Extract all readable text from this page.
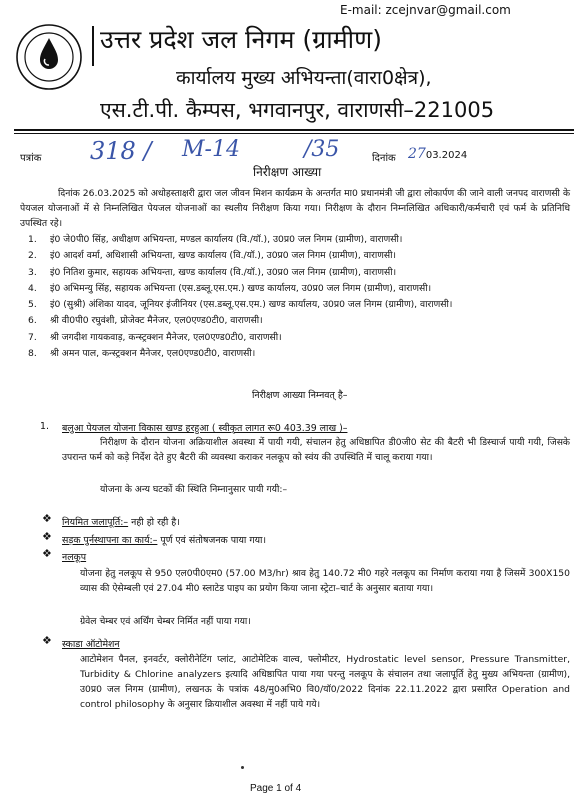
E-mail: zcejnvar@gmail.com
उत्तर प्रदेश जल निगम (ग्रामीण)
कार्यालय मुख्य अभियन्ता(वारा0क्षेत्र),
एस.टी.पी. कैम्पस, भगवानपुर, वाराणसी–221005
पत्रांक 318 / M-14	/35	दिनांक 2703.2024
निरीक्षण आख्या
दिनांक 26.03.2025 को अधोहस्ताक्षरी द्वारा जल जीवन मिशन कार्यक्रम के अन्तर्गत मा0 प्रधानमंत्री जी द्वारा लोकार्पण की जाने वाली जनपद वाराणसी के पेयजल योजनाओं में से निम्नलिखित पेयजल योजनाओं का स्थलीय निरीक्षण किया गया। निरीक्षण के दौरान निम्नलिखित अधिकारी/कर्मचारी एवं फर्म के प्रतिनिधि उपस्थित रहे।
1. इं0 जे0पी0 सिंह, अधीक्षण अभियन्ता, मण्डल कार्यालय (वि./यॉ.), उ0प्र0 जल निगम (ग्रामीण), वाराणसी।
2. इं0 आदर्श वर्मा, अधिशासी अभियन्ता, खण्ड कार्यालय (वि./यॉ.), उ0प्र0 जल निगम (ग्रामीण), वाराणसी।
3. इं0 नितिश कुमार, सहायक अभियन्ता, खण्ड कार्यालय (वि./यॉ.), उ0प्र0 जल निगम (ग्रामीण), वाराणसी।
4. इं0 अभिमन्यु सिंह, सहायक अभियन्ता (एस.डब्लू.एस.एम.) खण्ड कार्यालय, उ0प्र0 जल निगम (ग्रामीण), वाराणसी।
5. इं0 (सुश्री) अंशिका यादव, जूनियर इंजीनियर (एस.डब्लू.एस.एम.) खण्ड कार्यालय, उ0प्र0 जल निगम (ग्रामीण), वाराणसी।
6. श्री वी0पी0 रघुवंशी, प्रोजेक्ट मैनेजर, एल0एण्ड0टी0, वाराणसी।
7. श्री जगदीश गायकवाड़, कन्स्ट्रक्शन मैनेजर, एल0एण्ड0टी0, वाराणसी।
8. श्री अमन पाल, कन्स्ट्रक्शन मैनेजर, एल0एण्ड0टी0, वाराणसी।
निरीक्षण आख्या निम्नवत् है–
1. बलुआ पेयजल योजना विकास खण्ड हरहुआ ( स्वीकृत लागत रू0 403.39 लाख )–
निरीक्षण के दौरान योजना अक्रियाशील अवस्था में पायी गयी, संचालन हेतु अधिष्ठापित डी0जी0 सेट की बैटरी भी डिस्चार्ज पायी गयी, जिसके उपरान्त फर्म को कड़े निर्देश देते हुए बैटरी की व्यवस्था कराकर नलकूप को स्वंय की उपस्थिति में चालू कराया गया।
योजना के अन्य घटकों की स्थिति निम्नानुसार पायी गयी:–
❖ नियमित जलापूर्ति:– नही हो रही है।
❖ सड़क पुर्नस्थापना का कार्य:– पूर्ण एवं संतोषजनक पाया गया।
❖ नलकूप
योजना हेतु नलकूप से 950 एल0पी0एम0 (57.00 M3/hr) श्राव हेतु 140.72 मी0 गहरे नलकूप का निर्माण कराया गया है जिसमें 300X150 व्यास की ऐसेम्बली एवं 27.04 मी0 स्लाटेड पाइप का प्रयोग किया जाना स्ट्रेटा–चार्ट के अनुसार बताया गया।
ग्रेवेल चेम्बर एवं अर्थिंग चेम्बर निर्मित नहीं पाया गया।
❖ स्काडा ऑटोमेशन
आटोमेशन पैनल, इनवर्टर, क्लोरीनेटिंग प्लांट, आटोमेटिक वाल्व, फ्लोमीटर, Hydrostatic level sensor, Pressure Transmitter, Turbidity & Chlorine analyzers इत्यादि अधिष्ठापित पाया गया परन्तु नलकूप के संचालन तथा जलापूर्ति हेतु मुख्य अभियन्ता (ग्रामीण), उ0प्र0 जल निगम (ग्रामीण), लखनऊ के पत्रांक 48/मु0अभि0 वि0/यॉ0/2022 दिनांक 22.11.2022 द्वारा प्रसारित Operation and control philosophy के अनुसार क्रियाशील अवस्था में नहीं पाये गये।
Page 1 of 4
